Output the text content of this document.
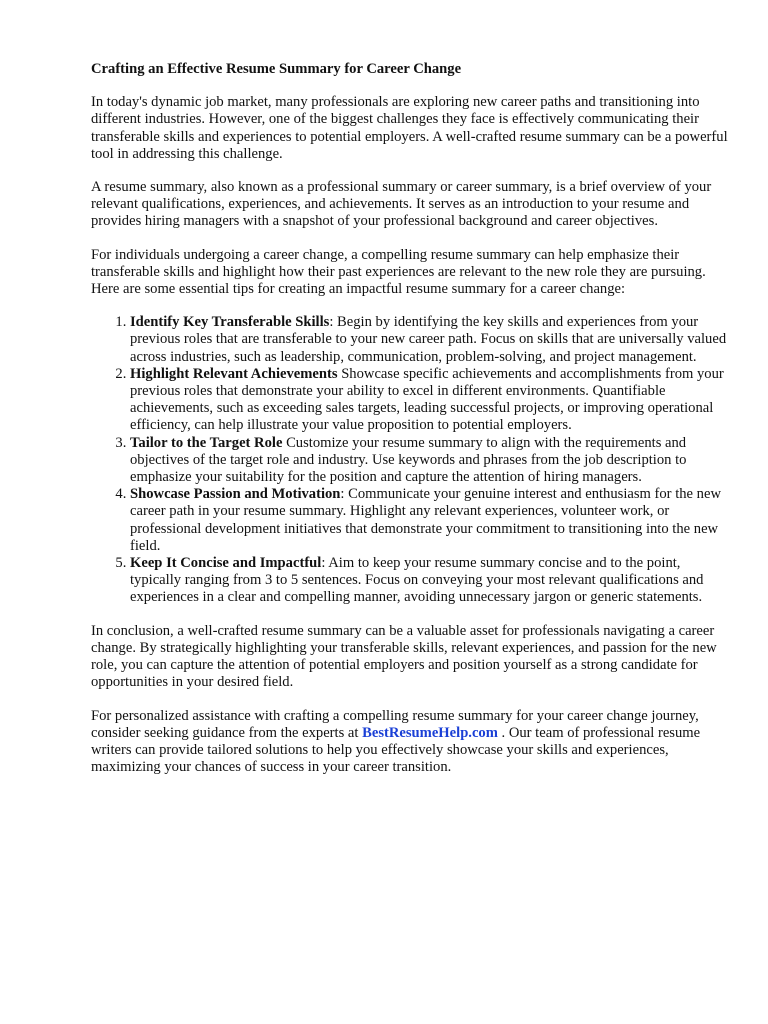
Crafting an Effective Resume Summary for Career Change

In today's dynamic job market, many professionals are exploring new career paths and transitioning into different industries. However, one of the biggest challenges they face is effectively communicating their transferable skills and experiences to potential employers. A well-crafted resume summary can be a powerful tool in addressing this challenge.

A resume summary, also known as a professional summary or career summary, is a brief overview of your relevant qualifications, experiences, and achievements. It serves as an introduction to your resume and provides hiring managers with a snapshot of your professional background and career objectives.

For individuals undergoing a career change, a compelling resume summary can help emphasize their transferable skills and highlight how their past experiences are relevant to the new role they are pursuing. Here are some essential tips for creating an impactful resume summary for a career change:

1. Identify Key Transferable Skills: Begin by identifying the key skills and experiences from your previous roles that are transferable to your new career path. Focus on skills that are universally valued across industries, such as leadership, communication, problem-solving, and project management.
2. Highlight Relevant Achievements Showcase specific achievements and accomplishments from your previous roles that demonstrate your ability to excel in different environments. Quantifiable achievements, such as exceeding sales targets, leading successful projects, or improving operational efficiency, can help illustrate your value proposition to potential employers.
3. Tailor to the Target Role Customize your resume summary to align with the requirements and objectives of the target role and industry. Use keywords and phrases from the job description to emphasize your suitability for the position and capture the attention of hiring managers.
4. Showcase Passion and Motivation: Communicate your genuine interest and enthusiasm for the new career path in your resume summary. Highlight any relevant experiences, volunteer work, or professional development initiatives that demonstrate your commitment to transitioning into the new field.
5. Keep It Concise and Impactful: Aim to keep your resume summary concise and to the point, typically ranging from 3 to 5 sentences. Focus on conveying your most relevant qualifications and experiences in a clear and compelling manner, avoiding unnecessary jargon or generic statements.

In conclusion, a well-crafted resume summary can be a valuable asset for professionals navigating a career change. By strategically highlighting your transferable skills, relevant experiences, and passion for the new role, you can capture the attention of potential employers and position yourself as a strong candidate for opportunities in your desired field.

For personalized assistance with crafting a compelling resume summary for your career change journey, consider seeking guidance from the experts at BestResumeHelp.com . Our team of professional resume writers can provide tailored solutions to help you effectively showcase your skills and experiences, maximizing your chances of success in your career transition.
